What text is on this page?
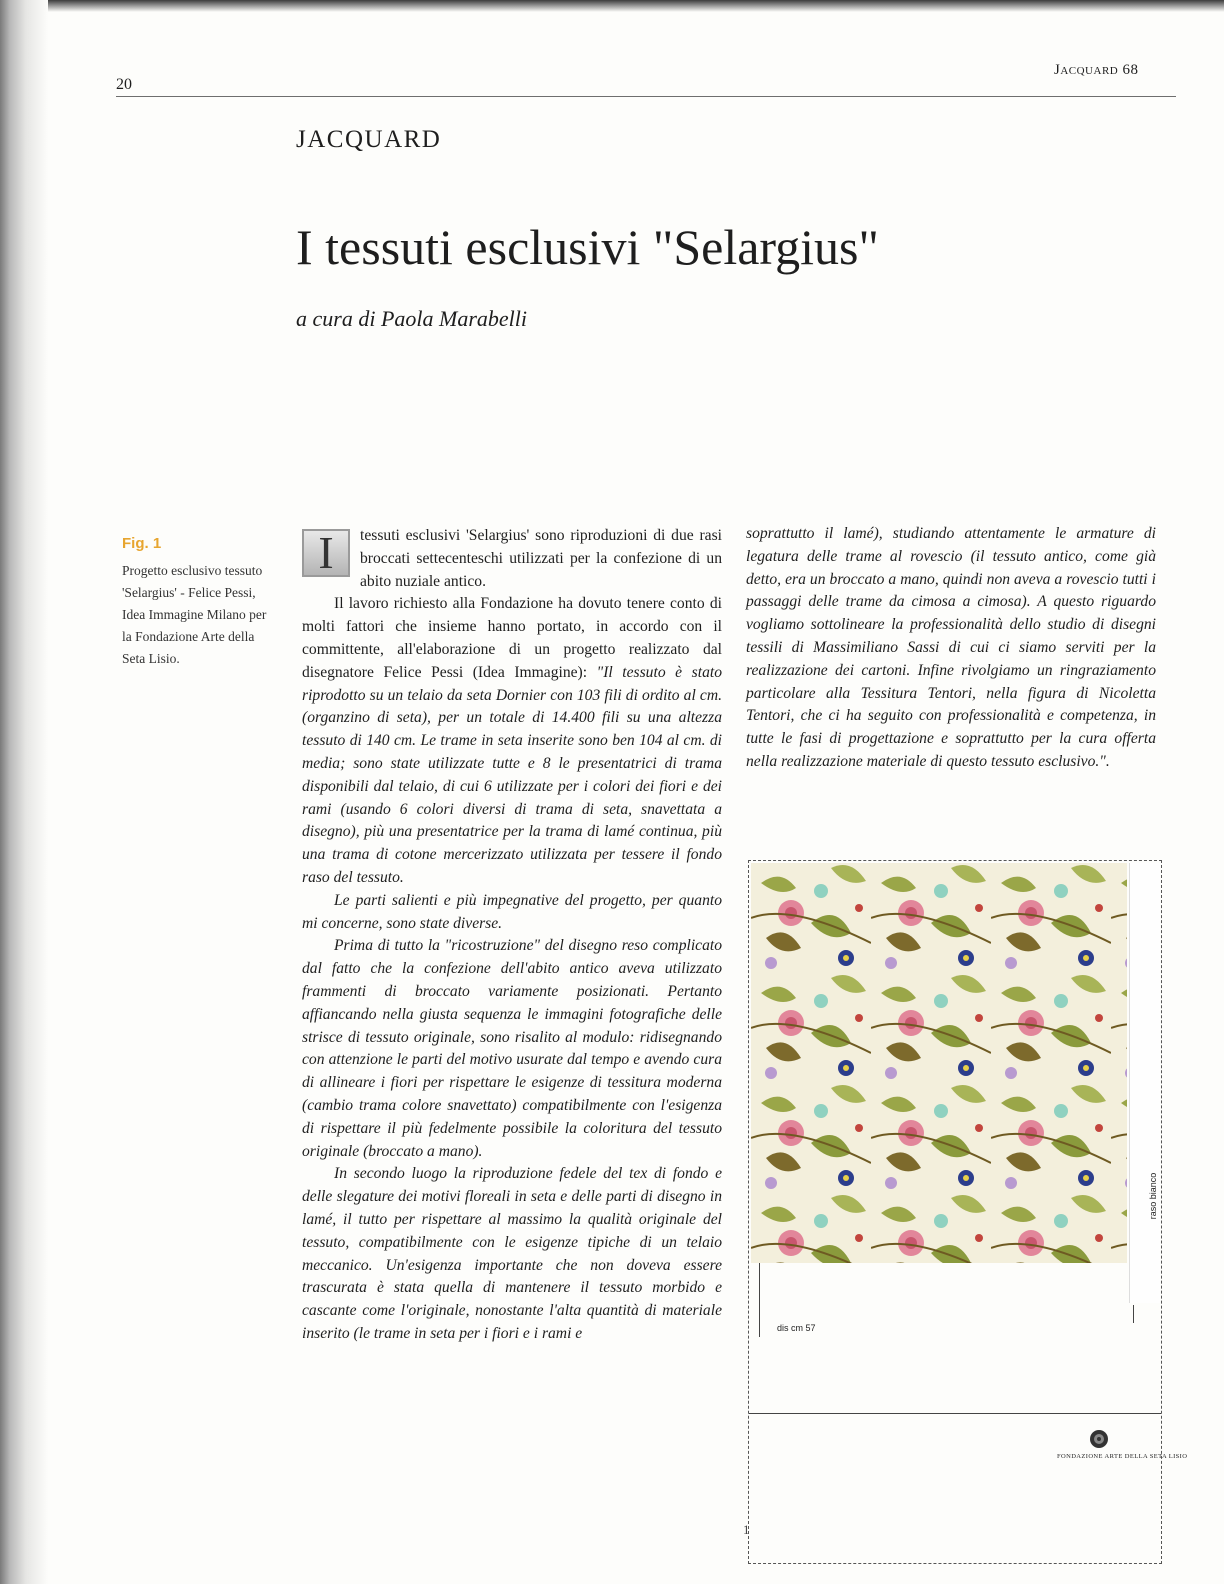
20
Jacquard 68
JACQUARD
I tessuti esclusivi "Selargius"
a cura di Paola Marabelli
Fig. 1
Progetto esclusivo tessuto 'Selargius' - Felice Pessi, Idea Immagine Milano per la Fondazione Arte della Seta Lisio.
I	tessuti esclusivi 'Selargius' sono riproduzioni di due rasi broccati settecenteschi utilizzati per la confezione di un abito nuziale antico.

Il lavoro richiesto alla Fondazione ha dovuto tenere conto di molti fattori che insieme hanno portato, in accordo con il committente, all'elaborazione di un progetto realizzato dal disegnatore Felice Pessi (Idea Immagine): "Il tessuto è stato riprodotto su un telaio da seta Dornier con 103 fili di ordito al cm. (organzino di seta), per un totale di 14.400 fili su una altezza tessuto di 140 cm. Le trame in seta inserite sono ben 104 al cm. di media; sono state utilizzate tutte e 8 le presentatrici di trama disponibili dal telaio, di cui 6 utilizzate per i colori dei fiori e dei rami (usando 6 colori diversi di trama di seta, snavettata a disegno), più una presentatrice per la trama di lamé continua, più una trama di cotone mercerizzato utilizzata per tessere il fondo raso del tessuto.

Le parti salienti e più impegnative del progetto, per quanto mi concerne, sono state diverse.

Prima di tutto la "ricostruzione" del disegno reso complicato dal fatto che la confezione dell'abito antico aveva utilizzato frammenti di broccato variamente posizionati. Pertanto affiancando nella giusta sequenza le immagini fotografiche delle strisce di tessuto originale, sono risalito al modulo: ridisegnando con attenzione le parti del motivo usurate dal tempo e avendo cura di allineare i fiori per rispettare le esigenze di tessitura moderna (cambio trama colore snavettato) compatibilmente con l'esigenza di rispettare il più fedelmente possibile la coloritura del tessuto originale (broccato a mano).

In secondo luogo la riproduzione fedele del tex di fondo e delle slegature dei motivi floreali in seta e delle parti di disegno in lamé, il tutto per rispettare al massimo la qualità originale del tessuto, compatibilmente con le esigenze tipiche di un telaio meccanico. Un'esigenza importante che non doveva essere trascurata è stata quella di mantenere il tessuto morbido e cascante come l'originale, nonostante l'alta quantità di materiale inserito (le trame in seta per i fiori e i rami e

soprattutto il lamé), studiando attentamente le armature di legatura delle trame al rovescio (il tessuto antico, come già detto, era un broccato a mano, quindi non aveva a rovescio tutti i passaggi delle trame da cimosa a cimosa). A questo riguardo vogliamo sottolineare la professionalità dello studio di disegni tessili di Massimiliano Sassi di cui ci siamo serviti per la realizzazione dei cartoni. Infine rivolgiamo un ringraziamento particolare alla Tessitura Tentori, nella figura di Nicoletta Tentori, che ci ha seguito con professionalità e competenza, in tutte le fasi di progettazione e soprattutto per la cura offerta nella realizzazione materiale di questo tessuto esclusivo.".

raso bianco
dis cm 57
FONDAZIONE ARTE DELLA SETA LISIO
1
